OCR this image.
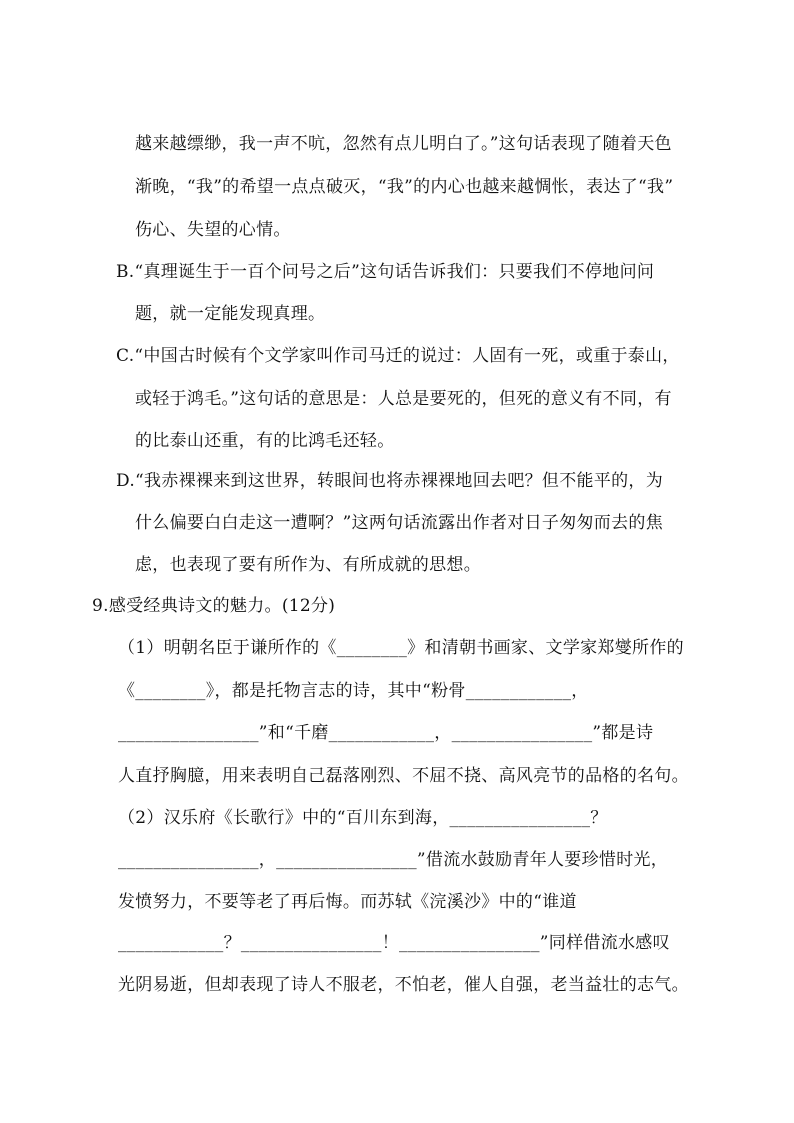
越来越缥缈，我一声不吭，忽然有点儿明白了。”这句话表现了随着天色
渐晚，“我”的希望一点点破灭，“我”的内心也越来越惆怅，表达了“我”
伤心、失望的心情。
B.“真理诞生于一百个问号之后”这句话告诉我们：只要我们不停地问问
题，就一定能发现真理。
C.“中国古时候有个文学家叫作司马迁的说过：人固有一死，或重于泰山，
或轻于鸿毛。”这句话的意思是：人总是要死的，但死的意义有不同，有
的比泰山还重，有的比鸿毛还轻。
D.“我赤裸裸来到这世界，转眼间也将赤裸裸地回去吧？但不能平的，为
什么偏要白白走这一遭啊？”这两句话流露出作者对日子匆匆而去的焦
虑，也表现了要有所作为、有所成就的思想。
9.感受经典诗文的魅力。(12分)
（1）明朝名臣于谦所作的《________》和清朝书画家、文学家郑燮所作的
《________》，都是托物言志的诗，其中“粉骨____________，
________________”和“千磨____________，________________”都是诗
人直抒胸臆，用来表明自己磊落刚烈、不屈不挠、高风亮节的品格的名句。
（2）汉乐府《长歌行》中的“百川东到海，________________？
________________，________________”借流水鼓励青年人要珍惜时光，
发愤努力，不要等老了再后悔。而苏轼《浣溪沙》中的“谁道
____________？________________！________________”同样借流水感叹
光阴易逝，但却表现了诗人不服老，不怕老，催人自强，老当益壮的志气。
